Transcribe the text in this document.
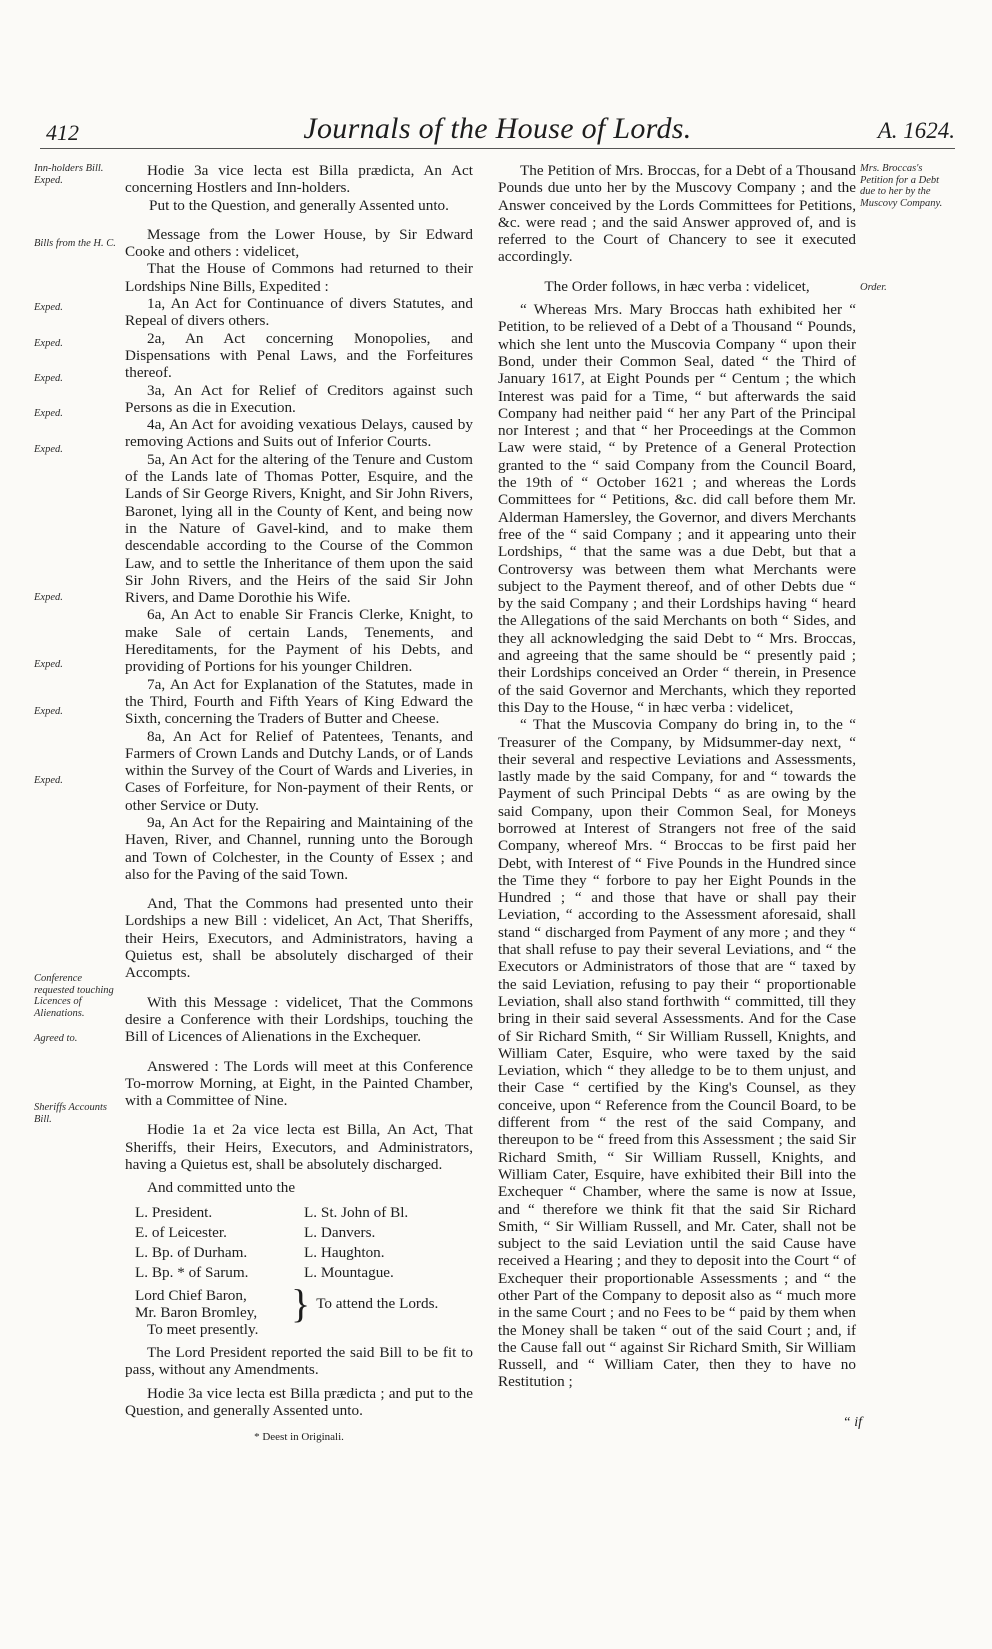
412	Journals of the House of Lords.	A. 1624.
Inn-holders Bill. Exped.
Bills from the H. C.
Exped.
Exped.
Exped.
Exped.
Exped.
Exped.
Exped.
Exped.
Exped.
Conference requested touching Licences of Alienations.
Agreed to.
Sheriffs Accounts Bill.
Mrs. Broccas's Petition for a Debt due to her by the Muscovy Company.
Order.

Hodie 3a vice lecta est Billa prædicta, An Act concerning Hostlers and Inn-holders.

Put to the Question, and generally Assented unto.

Message from the Lower House, by Sir Edward Cooke and others : videlicet,

That the House of Commons had returned to their Lordships Nine Bills, Expedited :

1a, An Act for Continuance of divers Statutes, and Repeal of divers others.

2a, An Act concerning Monopolies, and Dispensations with Penal Laws, and the Forfeitures thereof.

3a, An Act for Relief of Creditors against such Persons as die in Execution.

4a, An Act for avoiding vexatious Delays, caused by removing Actions and Suits out of Inferior Courts.

5a, An Act for the altering of the Tenure and Custom of the Lands late of Thomas Potter, Esquire, and the Lands of Sir George Rivers, Knight, and Sir John Rivers, Baronet, lying all in the County of Kent, and being now in the Nature of Gavel-kind, and to make them descendable according to the Course of the Common Law, and to settle the Inheritance of them upon the said Sir John Rivers, and the Heirs of the said Sir John Rivers, and Dame Dorothie his Wife.

6a, An Act to enable Sir Francis Clerke, Knight, to make Sale of certain Lands, Tenements, and Hereditaments, for the Payment of his Debts, and providing of Portions for his younger Children.

7a, An Act for Explanation of the Statutes, made in the Third, Fourth and Fifth Years of King Edward the Sixth, concerning the Traders of Butter and Cheese.

8a, An Act for Relief of Patentees, Tenants, and Farmers of Crown Lands and Dutchy Lands, or of Lands within the Survey of the Court of Wards and Liveries, in Cases of Forfeiture, for Non-payment of their Rents, or other Service or Duty.

9a, An Act for the Repairing and Maintaining of the Haven, River, and Channel, running unto the Borough and Town of Colchester, in the County of Essex ; and also for the Paving of the said Town.

And, That the Commons had presented unto their Lordships a new Bill : videlicet, An Act, That Sheriffs, their Heirs, Executors, and Administrators, having a Quietus est, shall be absolutely discharged of their Accompts.

With this Message : videlicet, That the Commons desire a Conference with their Lordships, touching the Bill of Licences of Alienations in the Exchequer.

Answered : The Lords will meet at this Conference To-morrow Morning, at Eight, in the Painted Chamber, with a Committee of Nine.

Hodie 1a et 2a vice lecta est Billa, An Act, That Sheriffs, their Heirs, Executors, and Administrators, having a Quietus est, shall be absolutely discharged.

And committed unto the

L. President.
E. of Leicester.
L. Bp. of Durham.
L. Bp. * of Sarum.
L. St. John of Bl.
L. Danvers.
L. Haughton.
L. Mountague.
Lord Chief Baron,
Mr. Baron Bromley, } To attend the Lords.

To meet presently.

The Lord President reported the said Bill to be fit to pass, without any Amendments.

Hodie 3a vice lecta est Billa prædicta ; and put to the Question, and generally Assented unto.

* Deest in Originali.

The Petition of Mrs. Broccas, for a Debt of a Thousand Pounds due unto her by the Muscovy Company ; and the Answer conceived by the Lords Committees for Petitions, &c. were read ; and the said Answer approved of, and is referred to the Court of Chancery to see it executed accordingly.

The Order follows, in hæc verba : videlicet,

“ Whereas Mrs. Mary Broccas hath exhibited her “ Petition, to be relieved of a Debt of a Thousand “ Pounds, which she lent unto the Muscovia Company “ upon their Bond, under their Common Seal, dated “ the Third of January 1617, at Eight Pounds per “ Centum ; the which Interest was paid for a Time, “ but afterwards the said Company had neither paid “ her any Part of the Principal nor Interest ; and that “ her Proceedings at the Common Law were staid, “ by Pretence of a General Protection granted to the “ said Company from the Council Board, the 19th of “ October 1621 ; and whereas the Lords Committees for “ Petitions, &c. did call before them Mr. Alderman Hamersley, the Governor, and divers Merchants free of the “ said Company ; and it appearing unto their Lordships, “ that the same was a due Debt, but that a Controversy was between them what Merchants were subject to the Payment thereof, and of other Debts due “ by the said Company ; and their Lordships having “ heard the Allegations of the said Merchants on both “ Sides, and they all acknowledging the said Debt to “ Mrs. Broccas, and agreeing that the same should be “ presently paid ; their Lordships conceived an Order “ therein, in Presence of the said Governor and Merchants, which they reported this Day to the House, “ in hæc verba : videlicet,

“ That the Muscovia Company do bring in, to the “ Treasurer of the Company, by Midsummer-day next, “ their several and respective Leviations and Assessments, lastly made by the said Company, for and “ towards the Payment of such Principal Debts “ as are owing by the said Company, upon their Common Seal, for Moneys borrowed at Interest of Strangers not free of the said Company, whereof Mrs. “ Broccas to be first paid her Debt, with Interest of “ Five Pounds in the Hundred since the Time they “ forbore to pay her Eight Pounds in the Hundred ; “ and those that have or shall pay their Leviation, “ according to the Assessment aforesaid, shall stand “ discharged from Payment of any more ; and they “ that shall refuse to pay their several Leviations, and “ the Executors or Administrators of those that are “ taxed by the said Leviation, refusing to pay their “ proportionable Leviation, shall also stand forthwith “ committed, till they bring in their said several Assessments. And for the Case of Sir Richard Smith, “ Sir William Russell, Knights, and William Cater, Esquire, who were taxed by the said Leviation, which “ they alledge to be to them unjust, and their Case “ certified by the King's Counsel, as they conceive, upon “ Reference from the Council Board, to be different from “ the rest of the said Company, and thereupon to be “ freed from this Assessment ; the said Sir Richard Smith, “ Sir William Russell, Knights, and William Cater, Esquire, have exhibited their Bill into the Exchequer “ Chamber, where the same is now at Issue, and “ therefore we think fit that the said Sir Richard Smith, “ Sir William Russell, and Mr. Cater, shall not be subject to the said Leviation until the said Cause have received a Hearing ; and they to deposit into the Court “ of Exchequer their proportionable Assessments ; and “ the other Part of the Company to deposit also as “ much more in the same Court ; and no Fees to be “ paid by them when the Money shall be taken “ out of the said Court ; and, if the Cause fall out “ against Sir Richard Smith, Sir William Russell, and “ William Cater, then they to have no Restitution ;

“ if
